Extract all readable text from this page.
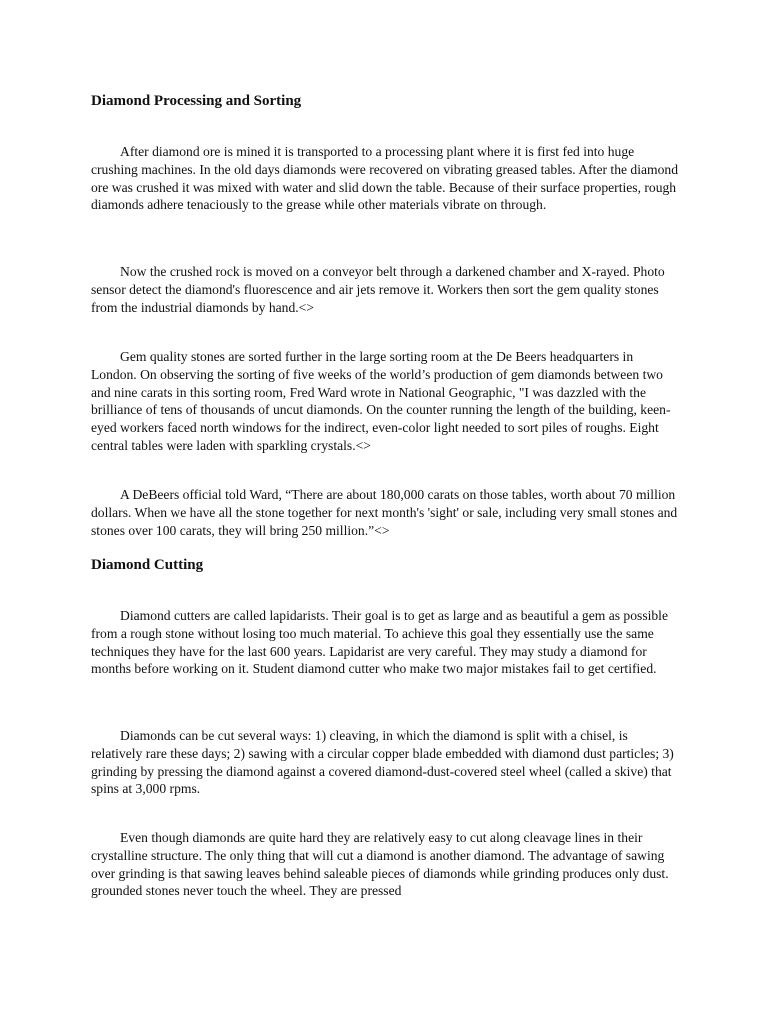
Diamond Processing and Sorting

After diamond ore is mined it is transported to a processing plant where it is first fed into huge crushing machines. In the old days diamonds were recovered on vibrating greased tables. After the diamond ore was crushed it was mixed with water and slid down the table. Because of their surface properties, rough diamonds adhere tenaciously to the grease while other materials vibrate on through.

Now the crushed rock is moved on a conveyor belt through a darkened chamber and X-rayed. Photo sensor detect the diamond's fluorescence and air jets remove it. Workers then sort the gem quality stones from the industrial diamonds by hand.<>

Gem quality stones are sorted further in the large sorting room at the De Beers headquarters in London. On observing the sorting of five weeks of the world’s production of gem diamonds between two and nine carats in this sorting room, Fred Ward wrote in National Geographic, "I was dazzled with the brilliance of tens of thousands of uncut diamonds. On the counter running the length of the building, keen-eyed workers faced north windows for the indirect, even-color light needed to sort piles of roughs. Eight central tables were laden with sparkling crystals.<>

A DeBeers official told Ward, “There are about 180,000 carats on those tables, worth about 70 million dollars. When we have all the stone together for next month's 'sight' or sale, including very small stones and stones over 100 carats, they will bring 250 million.”<>

Diamond Cutting

Diamond cutters are called lapidarists. Their goal is to get as large and as beautiful a gem as possible from a rough stone without losing too much material. To achieve this goal they essentially use the same techniques they have for the last 600 years. Lapidarist are very careful. They may study a diamond for months before working on it. Student diamond cutter who make two major mistakes fail to get certified.

Diamonds can be cut several ways: 1) cleaving, in which the diamond is split with a chisel, is relatively rare these days; 2) sawing with a circular copper blade embedded with diamond dust particles; 3) grinding by pressing the diamond against a covered diamond-dust-covered steel wheel (called a skive) that spins at 3,000 rpms.

Even though diamonds are quite hard they are relatively easy to cut along cleavage lines in their crystalline structure. The only thing that will cut a diamond is another diamond. The advantage of sawing over grinding is that sawing leaves behind saleable pieces of diamonds while grinding produces only dust. grounded stones never touch the wheel. They are pressed
